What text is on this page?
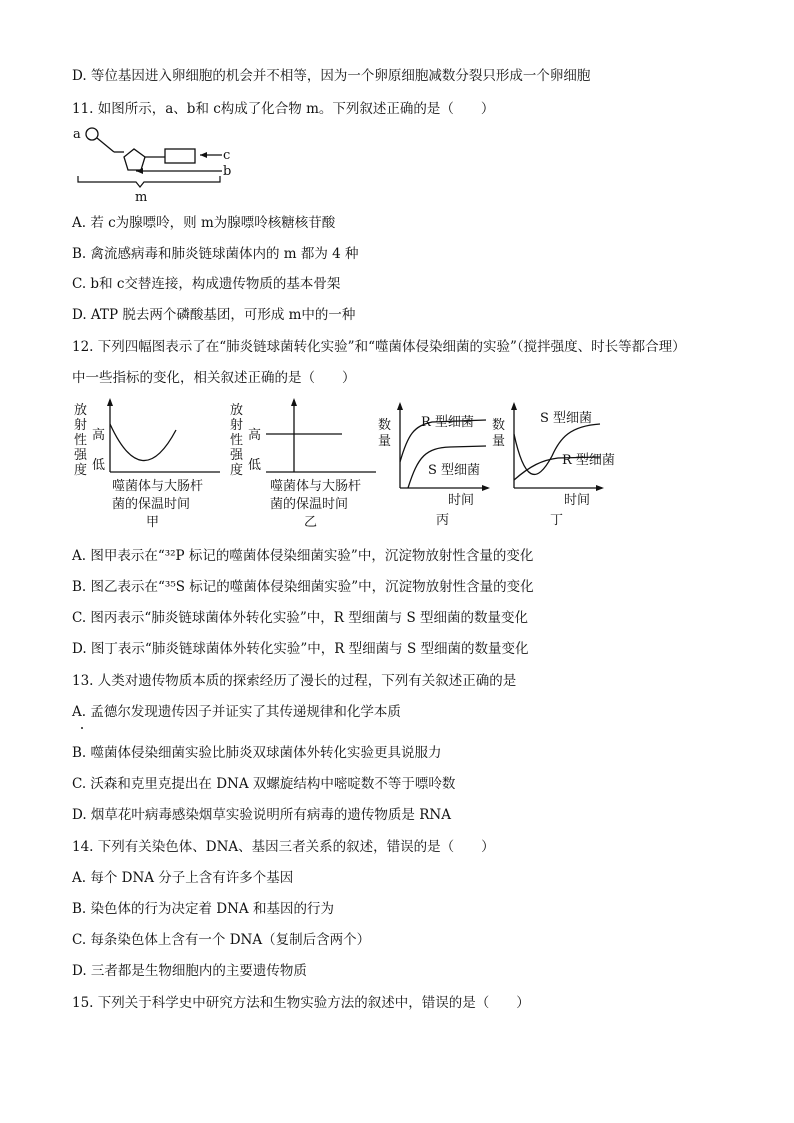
D. 等位基因进入卵细胞的机会并不相等，因为一个卵原细胞减数分裂只形成一个卵细胞
11. 如图所示，a、b和 c构成了化合物 m。下列叙述正确的是（　　）
a
c
b
m
A. 若 c为腺嘌呤，则 m为腺嘌呤核糖核苷酸
B. 禽流感病毒和肺炎链球菌体内的 m 都为 4 种
C. b和 c交替连接，构成遗传物质的基本骨架
D. ATP 脱去两个磷酸基团，可形成 m中的一种
12. 下列四幅图表示了在“肺炎链球菌转化实验”和“噬菌体侵染细菌的实验”（搅拌强度、时长等都合理）
中一些指标的变化，相关叙述正确的是（　　）
放
射
性
强
度
高
低
噬菌体与大肠杆
菌的保温时间
甲
放
射
性
强
度
高
低
噬菌体与大肠杆
菌的保温时间
乙
数
量
R 型细菌
S 型细菌
时间
丙
数
量
S 型细菌
R 型细菌
时间
丁
A. 图甲表示在“³²P 标记的噬菌体侵染细菌实验”中，沉淀物放射性含量的变化
B. 图乙表示在“³⁵S 标记的噬菌体侵染细菌实验”中，沉淀物放射性含量的变化
C. 图丙表示“肺炎链球菌体外转化实验”中，R 型细菌与 S 型细菌的数量变化
D. 图丁表示“肺炎链球菌体外转化实验”中，R 型细菌与 S 型细菌的数量变化
13. 人类对遗传物质本质的探索经历了漫长的过程，下列有关叙述正确的是
A. 孟德尔发现遗传因子并证实了其传递规律和化学本质
B. 噬菌体侵染细菌实验比肺炎双球菌体外转化实验更具说服力
C. 沃森和克里克提出在 DNA 双螺旋结构中嘧啶数不等于嘌呤数
D. 烟草花叶病毒感染烟草实验说明所有病毒的遗传物质是 RNA
14. 下列有关染色体、DNA、基因三者关系的叙述，错误的是（　　）
A. 每个 DNA 分子上含有许多个基因
B. 染色体的行为决定着 DNA 和基因的行为
C. 每条染色体上含有一个 DNA（复制后含两个）
D. 三者都是生物细胞内的主要遗传物质
15. 下列关于科学史中研究方法和生物实验方法的叙述中，错误的是（　　）
